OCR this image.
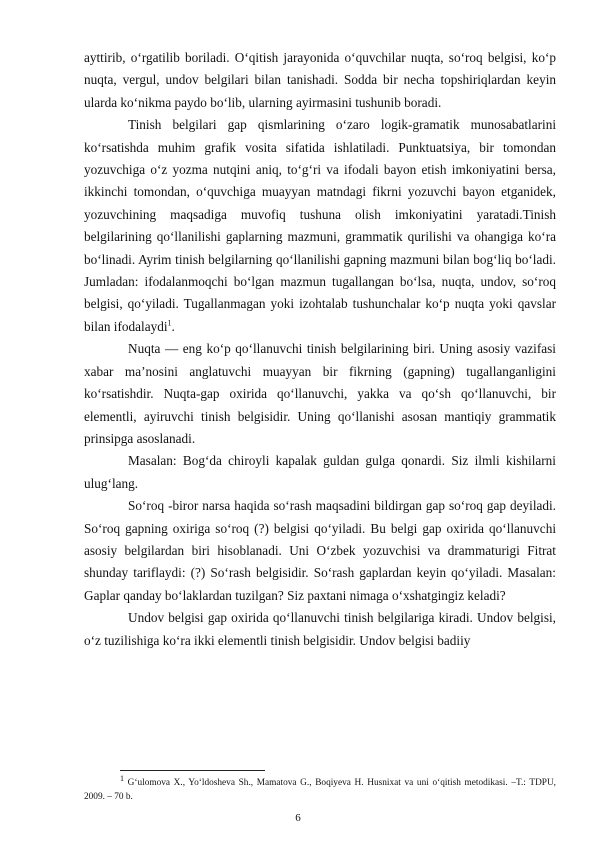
ayttirib, o‘rgatilib boriladi. O‘qitish jarayonida o‘quvchilar nuqta, so‘roq belgisi, ko‘p nuqta, vergul, undov belgilari bilan tanishadi. Sodda bir necha topshiriqlardan keyin ularda ko‘nikma paydo bo‘lib, ularning ayirmasini tushunib boradi.

Tinish belgilari gap qismlarining o‘zaro logik-gramatik munosabatlarini ko‘rsatishda muhim grafik vosita sifatida ishlatiladi. Punktuatsiya, bir tomondan yozuvchiga o‘z yozma nutqini aniq, to‘g‘ri va ifodali bayon etish imkoniyatini bersa, ikkinchi tomondan, o‘quvchiga muayyan matndagi fikrni yozuvchi bayon etganidek, yozuvchining maqsadiga muvofiq tushuna olish imkoniyatini yaratadi.Tinish belgilarining qo‘llanilishi gaplarning mazmuni, grammatik qurilishi va ohangiga ko‘ra bo‘linadi. Ayrim tinish belgilarning qo‘llanilishi gapning mazmuni bilan bog‘liq bo‘ladi. Jumladan: ifodalanmoqchi bo‘lgan mazmun tugallangan bo‘lsa, nuqta, undov, so‘roq belgisi, qo‘yiladi. Tugallanmagan yoki izohtalab tushunchalar ko‘p nuqta yoki qavslar bilan ifodalaydi$^1$.

Nuqta — eng ko‘p qo‘llanuvchi tinish belgilarining biri. Uning asosiy vazifasi xabar ma’nosini anglatuvchi muayyan bir fikrning (gapning) tugallanganligini ko‘rsatishdir. Nuqta-gap oxirida qo‘llanuvchi, yakka va qo‘sh qo‘llanuvchi, bir elementli, ayiruvchi tinish belgisidir. Uning qo‘llanishi asosan mantiqiy grammatik prinsipga asoslanadi.

Masalan: Bog‘da chiroyli kapalak guldan gulga qonardi. Siz ilmli kishilarni ulug‘lang.

So‘roq -biror narsa haqida so‘rash maqsadini bildirgan gap so‘roq gap deyiladi. So‘roq gapning oxiriga so‘roq (?) belgisi qo‘yiladi. Bu belgi gap oxirida qo‘llanuvchi asosiy belgilardan biri hisoblanadi. Uni O‘zbek yozuvchisi va drammaturigi Fitrat shunday tariflaydi: (?) So‘rash belgisidir. So‘rash gaplardan keyin qo‘yiladi. Masalan: Gaplar qanday bo‘laklardan tuzilgan? Siz paxtani nimaga o‘xshatgingiz keladi?

Undov belgisi gap oxirida qo‘llanuvchi tinish belgilariga kiradi. Undov belgisi, o‘z tuzilishiga ko‘ra ikki elementli tinish belgisidir. Undov belgisi badiiy

$^1$ G‘ulomova X., Yo‘ldosheva Sh., Mamatova G., Boqiyeva H. Husnixat va uni o‘qitish metodikasi. –T.: TDPU, 2009. – 70 b.

6
